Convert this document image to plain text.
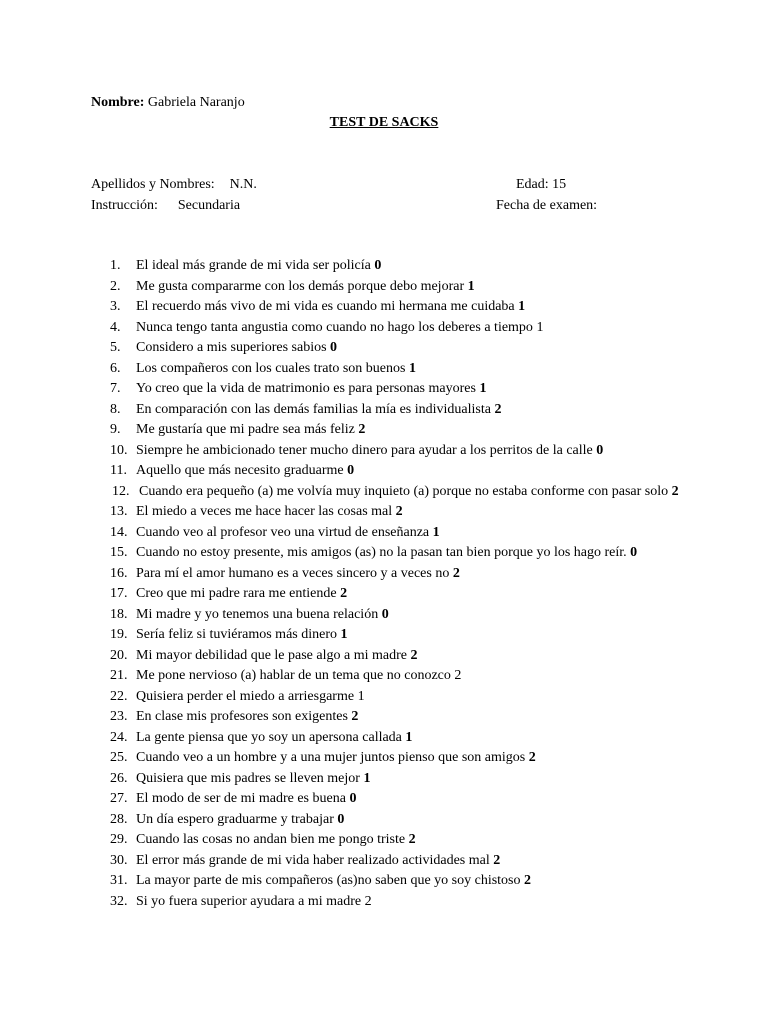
Nombre: Gabriela Naranjo
TEST DE SACKS
Apellidos y Nombres: N.N.	Edad: 15
Instrucción: Secundaria	Fecha de examen:
1. El ideal más grande de mi vida ser policía 0
2. Me gusta compararme con los demás porque debo mejorar 1
3. El recuerdo más vivo de mi vida es cuando mi hermana me cuidaba 1
4. Nunca tengo tanta angustia como cuando no hago los deberes a tiempo 1
5. Considero a mis superiores sabios 0
6. Los compañeros con los cuales trato son buenos 1
7. Yo creo que la vida de matrimonio es para personas mayores 1
8. En comparación con las demás familias la mía es individualista 2
9. Me gustaría que mi padre sea más feliz 2
10. Siempre he ambicionado tener mucho dinero para ayudar a los perritos de la calle 0
11. Aquello que más necesito graduarme 0
12. Cuando era pequeño (a) me volvía muy inquieto (a) porque no estaba conforme con pasar solo 2
13. El miedo a veces me hace hacer las cosas mal 2
14. Cuando veo al profesor veo una virtud de enseñanza 1
15. Cuando no estoy presente, mis amigos (as) no la pasan tan bien porque yo los hago reír. 0
16. Para mí el amor humano es a veces sincero y a veces no 2
17. Creo que mi padre rara me entiende 2
18. Mi madre y yo tenemos una buena relación 0
19. Sería feliz si tuviéramos más dinero 1
20. Mi mayor debilidad que le pase algo a mi madre 2
21. Me pone nervioso (a) hablar de un tema que no conozco 2
22. Quisiera perder el miedo a arriesgarme 1
23. En clase mis profesores son exigentes 2
24. La gente piensa que yo soy un apersona callada 1
25. Cuando veo a un hombre y a una mujer juntos pienso que son amigos 2
26. Quisiera que mis padres se lleven mejor 1
27. El modo de ser de mi madre es buena 0
28. Un día espero graduarme y trabajar 0
29. Cuando las cosas no andan bien me pongo triste 2
30. El error más grande de mi vida haber realizado actividades mal 2
31. La mayor parte de mis compañeros (as)no saben que yo soy chistoso 2
32. Si yo fuera superior ayudara a mi madre 2
